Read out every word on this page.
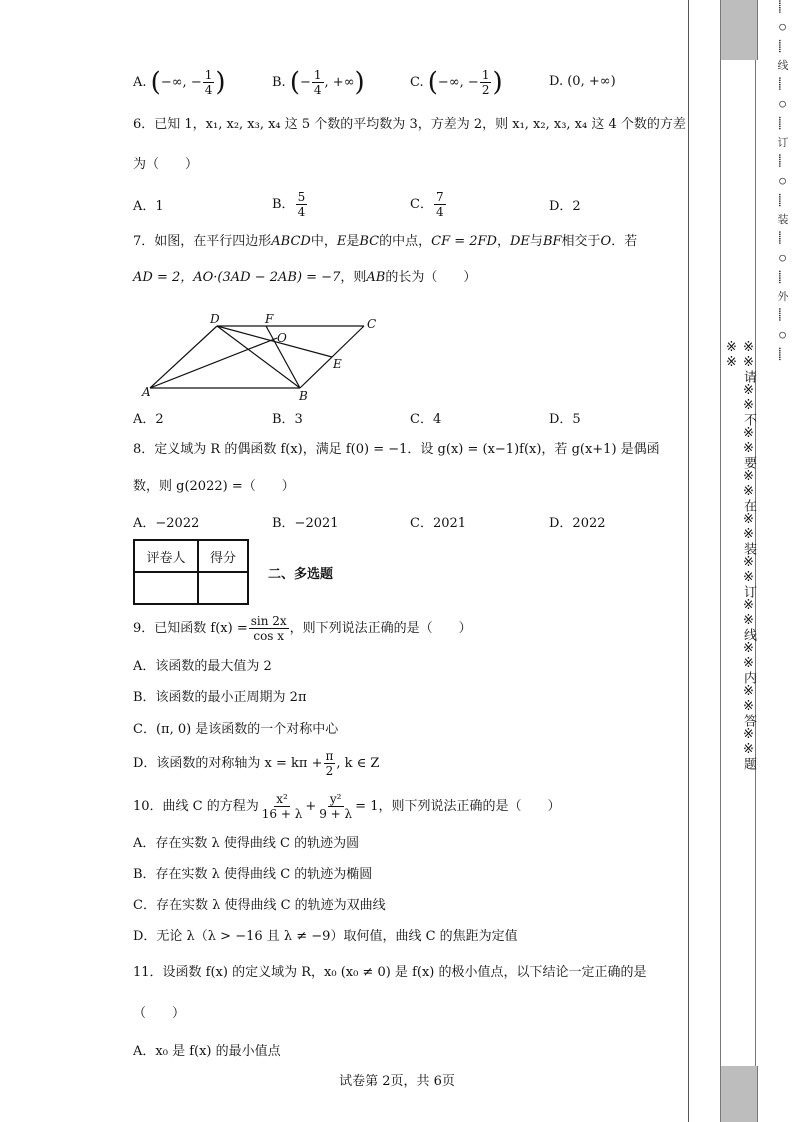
A. (−∞, − $\frac{1}{4}$ )	B. (− $\frac{1}{4}$ , +∞)	C. (−∞, − $\frac{1}{2}$ )	D. (0, +∞)
6．已知 1，x₁, x₂, x₃, x₄ 这 5 个数的平均数为 3，方差为 2，则 x₁, x₂, x₃, x₄ 这 4 个数的方差
为（　　）
A．1	B． $\frac{5}{4}$	C． $\frac{7}{4}$	D．2
7．如图，在平行四边形ABCD中，E是BC的中点，CF = 2FD，DE与BF相交于O．若
AD = 2，AO·(3AD − 2AB) = −7，则AB的长为（　　）
D	F	C
O
E
A	B
A．2	B．3	C．4	D．5
8．定义域为 R 的偶函数 f(x)，满足 f(0) = −1．设 g(x) = (x−1)f(x)，若 g(x+1) 是偶函
数，则 g(2022) =（　　）
A．−2022	B．−2021	C．2021	D．2022
评卷人	得分

二、多选题
9．已知函数 $f(x) = \frac{\sin 2x}{\text{cos x}}$ ，则下列说法正确的是（　　）
A．该函数的最大值为 2
B．该函数的最小正周期为 2π
C．(π, 0) 是该函数的一个对称中心
D．该函数的对称轴为 $x = k\pi + \frac{\pi}{2}$ , k ∈ Z
10．曲线 C 的方程为 $\frac{\text{x²}}{16 + \lambda} + \frac{\text{y²}}{9 + \lambda} = 1$，则下列说法正确的是（　　）
A．存在实数 λ 使得曲线 C 的轨迹为圆
B．存在实数 λ 使得曲线 C 的轨迹为椭圆
C．存在实数 λ 使得曲线 C 的轨迹为双曲线
D．无论 λ（λ > −16 且 λ ≠ −9）取何值，曲线 C 的焦距为定值
11．设函数 f(x) 的定义域为 R，x₀ (x₀ ≠ 0) 是 f(x) 的极小值点，以下结论一定正确的是
（　　）
A．x₀ 是 f(x) 的最小值点
试卷第 2页，共 6页
※※请※※不※※要※※在※※装※※订※※线※※内※※答※※题※※	…… ○ …… 线 …… ○ …… 订 …… ○ …… 装 …… ○ …… 外 …… ○ ……
